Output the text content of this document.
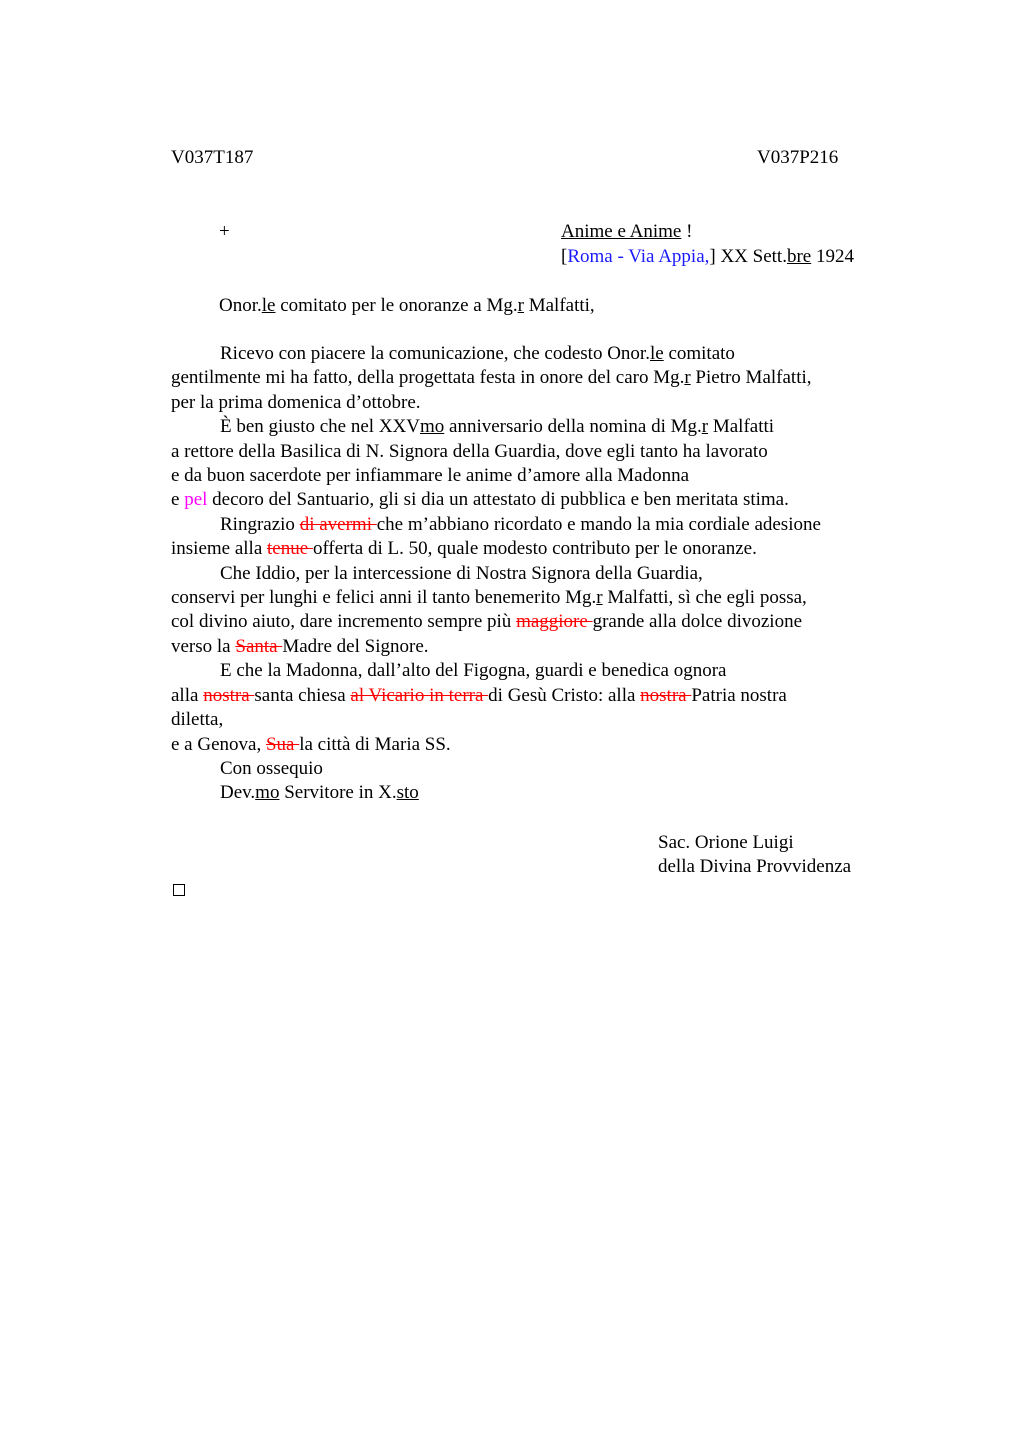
V037T187	V037P216
+	Anime e Anime !
[Roma - Via Appia,] XX Sett.bre 1924
Onor.le comitato per le onoranze a Mg.r Malfatti,
Ricevo con piacere la comunicazione, che codesto Onor.le comitato
gentilmente mi ha fatto, della progettata festa in onore del caro Mg.r Pietro Malfatti,
per la prima domenica d’ottobre.
È ben giusto che nel XXVmo anniversario della nomina di Mg.r Malfatti
a rettore della Basilica di N. Signora della Guardia, dove egli tanto ha lavorato
e da buon sacerdote per infiammare le anime d’amore alla Madonna
e pel decoro del Santuario, gli si dia un attestato di pubblica e ben meritata stima.
Ringrazio di avermi che m’abbiano ricordato e mando la mia cordiale adesione
insieme alla tenue offerta di L. 50, quale modesto contributo per le onoranze.
Che Iddio, per la intercessione di Nostra Signora della Guardia,
conservi per lunghi e felici anni il tanto benemerito Mg.r Malfatti, sì che egli possa,
col divino aiuto, dare incremento sempre più maggiore grande alla dolce divozione
verso la Santa Madre del Signore.
E che la Madonna, dall’alto del Figogna, guardi e benedica ognora
alla nostra santa chiesa al Vicario in terra di Gesù Cristo: alla nostra Patria nostra
diletta,
e a Genova, Sua la città di Maria SS.
Con ossequio
Dev.mo Servitore in X.sto
Sac. Orione Luigi
della Divina Provvidenza
